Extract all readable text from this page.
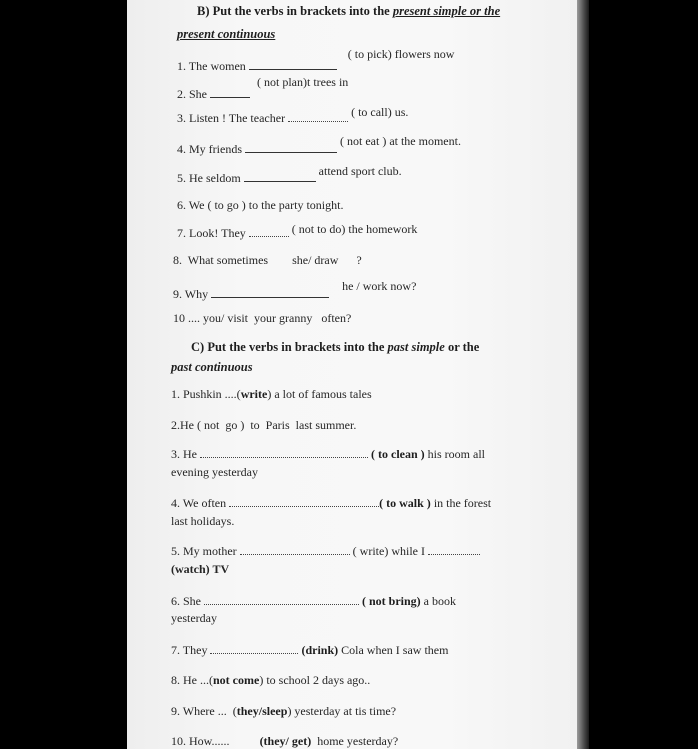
B) Put the verbs in brackets into the present simple or the
present continuous
1. The women  ( to pick) flowers now
2. She  ( not plan)t trees in
3. Listen ! The teacher	( to call) us.
4. My friends  ( not eat ) at the moment.
5. He seldom	attend sport club.
6. We ( to go ) to the party tonight.
7. Look! They	( not to do) the homework
8.  What sometimes        she/ draw      ?
9. Why  he / work now?
10 .... you/ visit  your granny   often?
C) Put the verbs in brackets into the past simple or the
past continuous
1. Pushkin ....(write) a lot of famous tales
2.He ( not  go )  to  Paris  last summer.
3. He	( to clean ) his room all
evening yesterday
4. We often	( to walk ) in the forest
last holidays.
5. My mother	( write) while I
(watch) TV
6. She	( not bring) a book
yesterday
7. They	(drink) Cola when I saw them
8. He ...(not come) to school 2 days ago..
9. Where ...  (they/sleep) yesterday at tis time?
10. How......	(they/ get)  home yesterday?
